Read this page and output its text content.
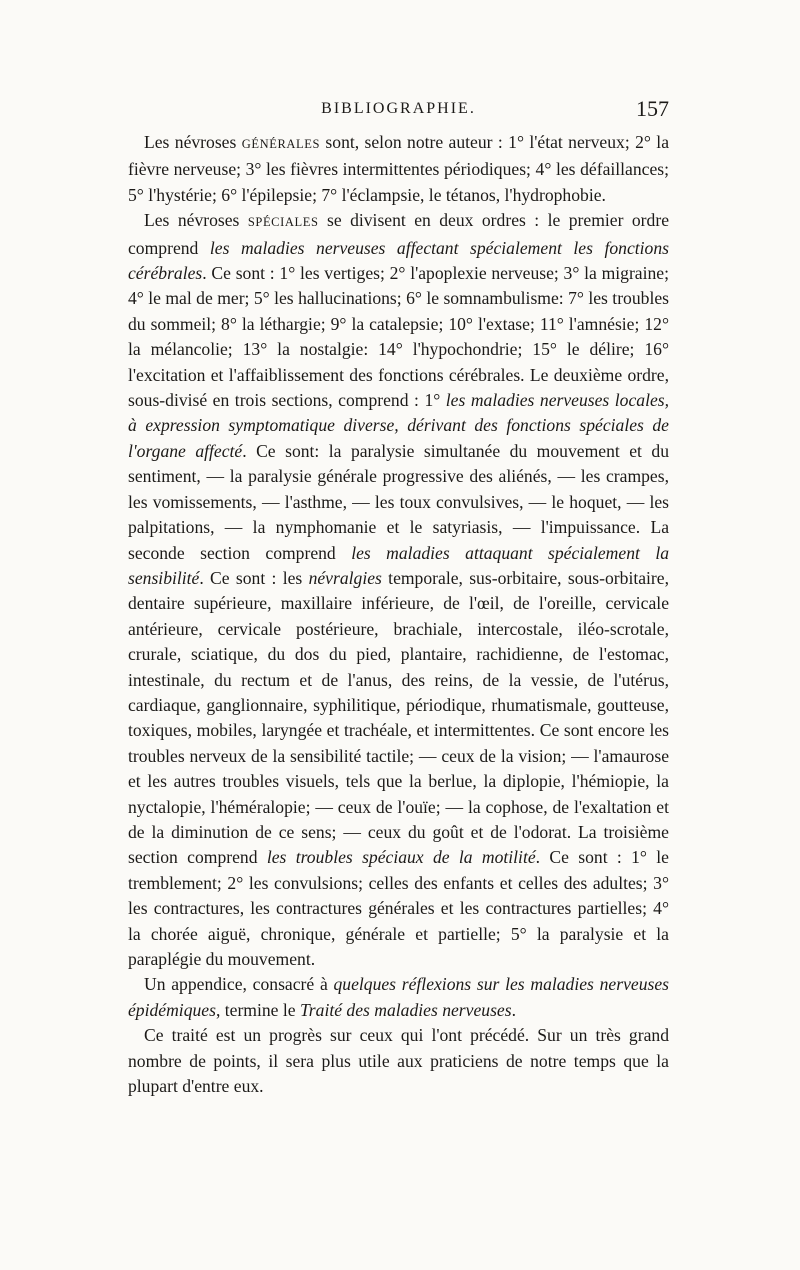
BIBLIOGRAPHIE.	157

Les névroses GÉNÉRALES sont, selon notre auteur : 1° l'état nerveux; 2° la fièvre nerveuse; 3° les fièvres intermittentes périodiques; 4° les défaillances; 5° l'hystérie; 6° l'épilepsie; 7° l'éclampsie, le tétanos, l'hydrophobie.

Les névroses SPÉCIALES se divisent en deux ordres : le premier ordre comprend les maladies nerveuses affectant spécialement les fonctions cérébrales. Ce sont : 1° les vertiges; 2° l'apoplexie nerveuse; 3° la migraine; 4° le mal de mer; 5° les hallucinations; 6° le somnambulisme: 7° les troubles du sommeil; 8° la léthargie; 9° la catalepsie; 10° l'extase; 11° l'amnésie; 12° la mélancolie; 13° la nostalgie: 14° l'hypochondrie; 15° le délire; 16° l'excitation et l'affaiblissement des fonctions cérébrales. Le deuxième ordre, sous-divisé en trois sections, comprend : 1° les maladies nerveuses locales, à expression symptomatique diverse, dérivant des fonctions spéciales de l'organe affecté. Ce sont: la paralysie simultanée du mouvement et du sentiment, — la paralysie générale progressive des aliénés, — les crampes, les vomissements, — l'asthme, — les toux convulsives, — le hoquet, — les palpitations, — la nymphomanie et le satyriasis, — l'impuissance. La seconde section comprend les maladies attaquant spécialement la sensibilité. Ce sont : les névralgies temporale, sus-orbitaire, sous-orbitaire, dentaire supérieure, maxillaire inférieure, de l'œil, de l'oreille, cervicale antérieure, cervicale postérieure, brachiale, intercostale, iléo-scrotale, crurale, sciatique, du dos du pied, plantaire, rachidienne, de l'estomac, intestinale, du rectum et de l'anus, des reins, de la vessie, de l'utérus, cardiaque, ganglionnaire, syphilitique, périodique, rhumatismale, goutteuse, toxiques, mobiles, laryngée et trachéale, et intermittentes. Ce sont encore les troubles nerveux de la sensibilité tactile; — ceux de la vision; — l'amaurose et les autres troubles visuels, tels que la berlue, la diplopie, l'hémiopie, la nyctalopie, l'héméralopie; — ceux de l'ouïe; — la cophose, de l'exaltation et de la diminution de ce sens; — ceux du goût et de l'odorat. La troisième section comprend les troubles spéciaux de la motilité. Ce sont : 1° le tremblement; 2° les convulsions; celles des enfants et celles des adultes; 3° les contractures, les contractures générales et les contractures partielles; 4° la chorée aiguë, chronique, générale et partielle; 5° la paralysie et la paraplégie du mouvement.

Un appendice, consacré à quelques réflexions sur les maladies nerveuses épidémiques, termine le Traité des maladies nerveuses.

Ce traité est un progrès sur ceux qui l'ont précédé. Sur un très grand nombre de points, il sera plus utile aux praticiens de notre temps que la plupart d'entre eux.
